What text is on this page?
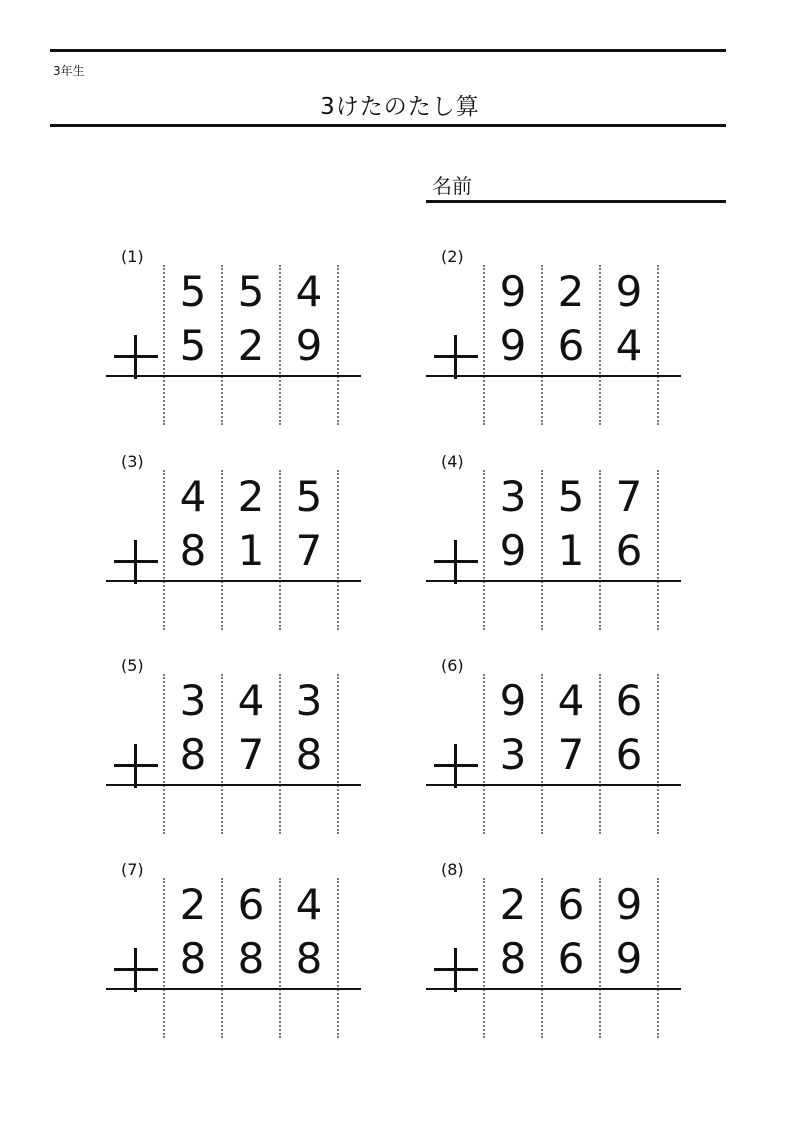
3年生
3けたのたし算
名前
(1)
5 5 4
5 2 9
(2)
9 2 9
9 6 4
(3)
4 2 5
8 1 7
(4)
3 5 7
9 1 6
(5)
3 4 3
8 7 8
(6)
9 4 6
3 7 6
(7)
2 6 4
8 8 8
(8)
2 6 9
8 6 9
